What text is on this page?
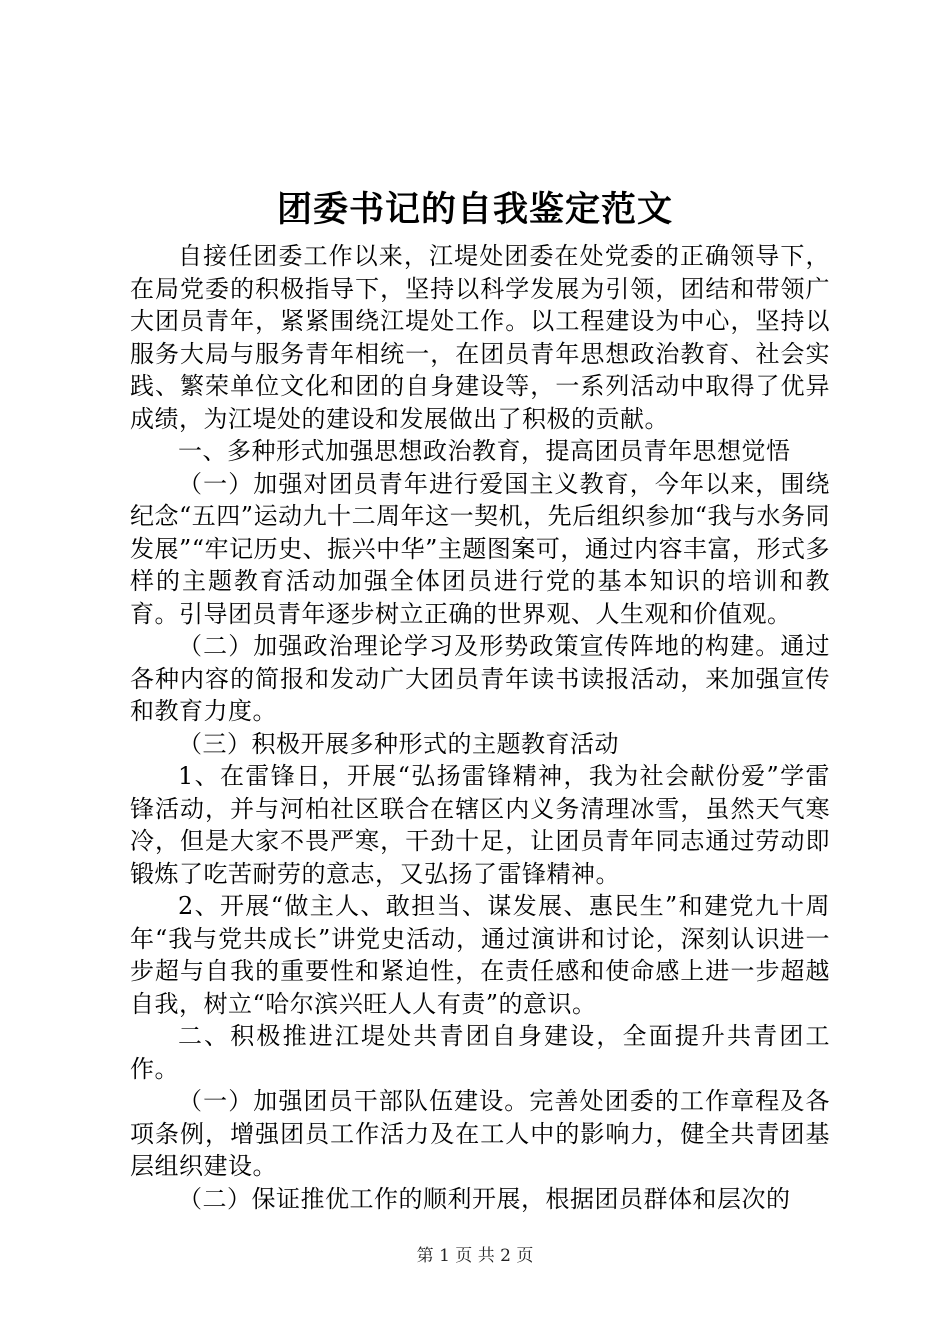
团委书记的自我鉴定范文

自接任团委工作以来，江堤处团委在处党委的正确领导下，在局党委的积极指导下，坚持以科学发展为引领，团结和带领广大团员青年，紧紧围绕江堤处工作。以工程建设为中心，坚持以服务大局与服务青年相统一，在团员青年思想政治教育、社会实践、繁荣单位文化和团的自身建设等，一系列活动中取得了优异成绩，为江堤处的建设和发展做出了积极的贡献。

一、多种形式加强思想政治教育，提高团员青年思想觉悟

（一）加强对团员青年进行爱国主义教育，今年以来，围绕纪念“五四”运动九十二周年这一契机，先后组织参加“我与水务同发展”“牢记历史、振兴中华”主题图案可，通过内容丰富，形式多样的主题教育活动加强全体团员进行党的基本知识的培训和教育。引导团员青年逐步树立正确的世界观、人生观和价值观。

（二）加强政治理论学习及形势政策宣传阵地的构建。通过各种内容的简报和发动广大团员青年读书读报活动，来加强宣传和教育力度。

（三）积极开展多种形式的主题教育活动

1、在雷锋日，开展“弘扬雷锋精神，我为社会献份爱”学雷锋活动，并与河柏社区联合在辖区内义务清理冰雪，虽然天气寒冷，但是大家不畏严寒，干劲十足，让团员青年同志通过劳动即锻炼了吃苦耐劳的意志，又弘扬了雷锋精神。

2、开展“做主人、敢担当、谋发展、惠民生”和建党九十周年“我与党共成长”讲党史活动，通过演讲和讨论，深刻认识进一步超与自我的重要性和紧迫性，在责任感和使命感上进一步超越自我，树立“哈尔滨兴旺人人有责”的意识。

二、积极推进江堤处共青团自身建设，全面提升共青团工作。

（一）加强团员干部队伍建设。完善处团委的工作章程及各项条例，增强团员工作活力及在工人中的影响力，健全共青团基层组织建设。

（二）保证推优工作的顺利开展，根据团员群体和层次的

第 1 页 共 2 页
